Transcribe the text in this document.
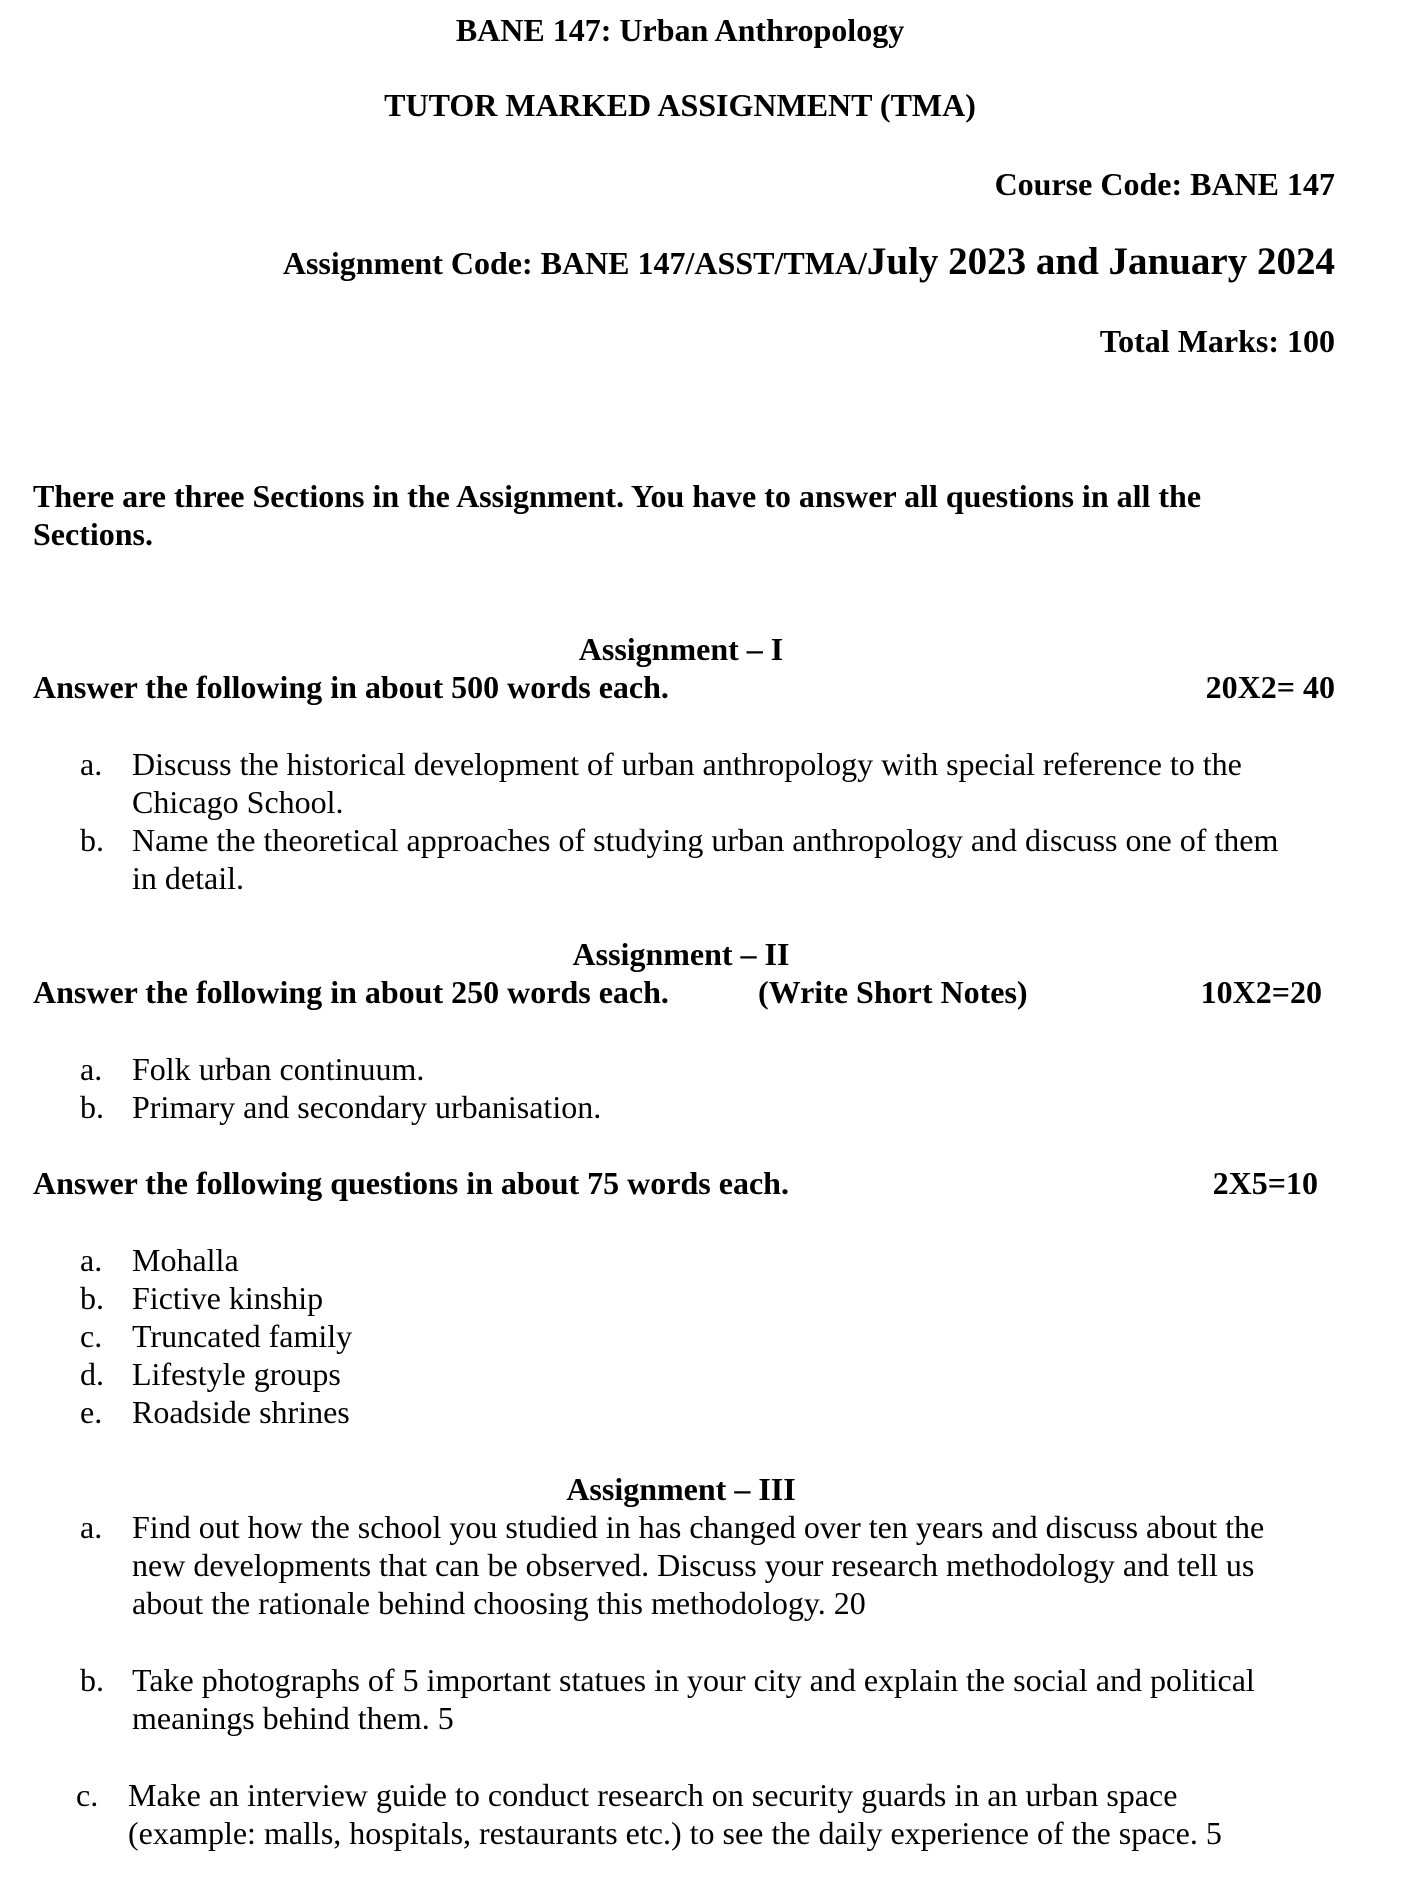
BANE 147: Urban Anthropology
TUTOR MARKED ASSIGNMENT (TMA)
Course Code: BANE 147
Assignment Code: BANE 147/ASST/TMA/July 2023 and January 2024
Total Marks: 100
There are three Sections in the Assignment. You have to answer all questions in all the
Sections.
Assignment – I
Answer the following in about 500 words each.	20X2= 40
a. Discuss the historical development of urban anthropology with special reference to the
Chicago School.
b. Name the theoretical approaches of studying urban anthropology and discuss one of them
in detail.
Assignment – II
Answer the following in about 250 words each.	(Write Short Notes)	10X2=20
a. Folk urban continuum.
b. Primary and secondary urbanisation.
Answer the following questions in about 75 words each.	2X5=10
a. Mohalla
b. Fictive kinship
c. Truncated family
d. Lifestyle groups
e. Roadside shrines
Assignment – III
a. Find out how the school you studied in has changed over ten years and discuss about the
new developments that can be observed. Discuss your research methodology and tell us
about the rationale behind choosing this methodology. 20
b. Take photographs of 5 important statues in your city and explain the social and political
meanings behind them. 5
c. Make an interview guide to conduct research on security guards in an urban space
(example: malls, hospitals, restaurants etc.) to see the daily experience of the space. 5
